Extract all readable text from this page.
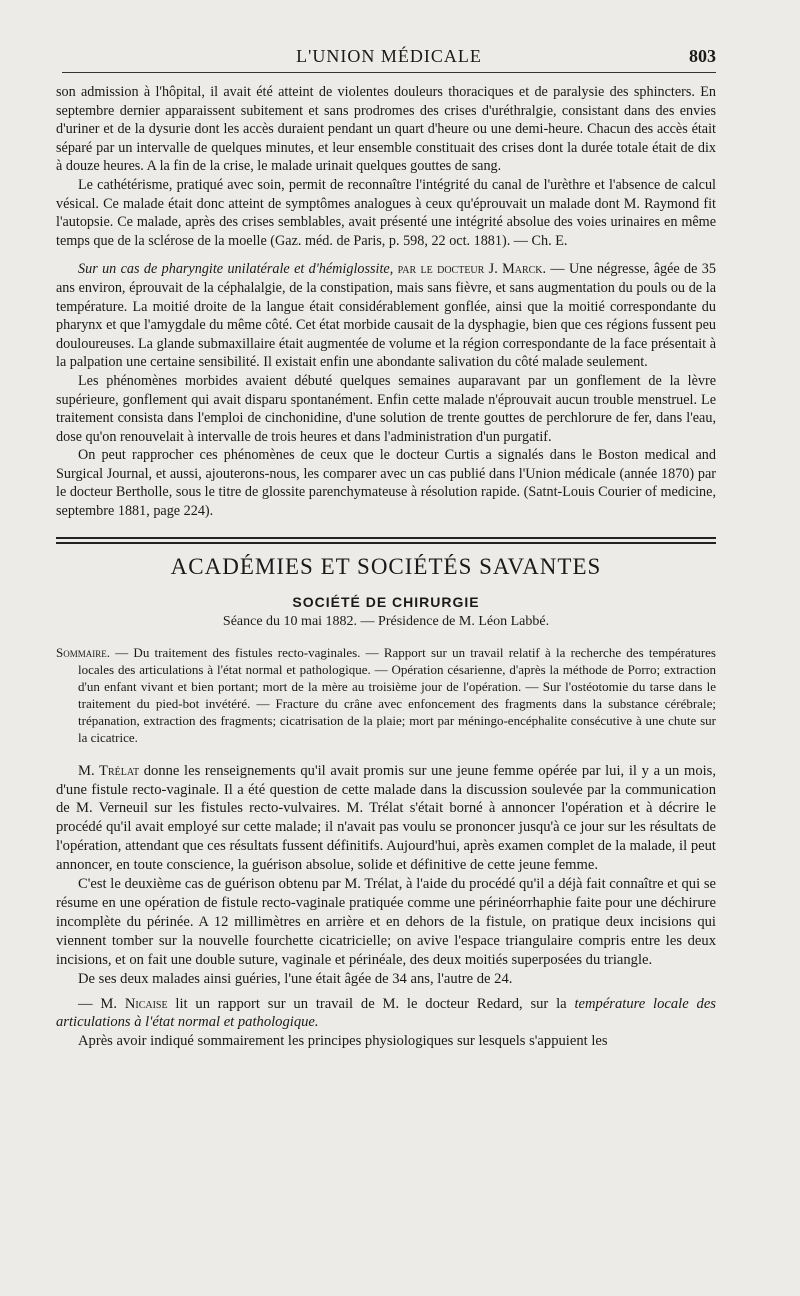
L'UNION MÉDICALE	803

son admission à l'hôpital, il avait été atteint de violentes douleurs thoraciques et de paralysie des sphincters. En septembre dernier apparaissent subitement et sans prodromes des crises d'uréthralgie, consistant dans des envies d'uriner et de la dysurie dont les accès duraient pendant un quart d'heure ou une demi-heure. Chacun des accès était séparé par un intervalle de quelques minutes, et leur ensemble constituait des crises dont la durée totale était de dix à douze heures. A la fin de la crise, le malade urinait quelques gouttes de sang.

Le cathétérisme, pratiqué avec soin, permit de reconnaître l'intégrité du canal de l'urèthre et l'absence de calcul vésical. Ce malade était donc atteint de symptômes analogues à ceux qu'éprouvait un malade dont M. Raymond fit l'autopsie. Ce malade, après des crises semblables, avait présenté une intégrité absolue des voies urinaires en même temps que de la sclérose de la moelle (Gaz. méd. de Paris, p. 598, 22 oct. 1881). — Ch. E.

Sur un cas de pharyngite unilatérale et d'hémiglossite, par le docteur J. Marck. — Une négresse, âgée de 35 ans environ, éprouvait de la céphalalgie, de la constipation, mais sans fièvre, et sans augmentation du pouls ou de la température. La moitié droite de la langue était considérablement gonflée, ainsi que la moitié correspondante du pharynx et que l'amygdale du même côté. Cet état morbide causait de la dysphagie, bien que ces régions fussent peu douloureuses. La glande submaxillaire était augmentée de volume et la région correspondante de la face présentait à la palpation une certaine sensibilité. Il existait enfin une abondante salivation du côté malade seulement.

Les phénomènes morbides avaient débuté quelques semaines auparavant par un gonflement de la lèvre supérieure, gonflement qui avait disparu spontanément. Enfin cette malade n'éprouvait aucun trouble menstruel. Le traitement consista dans l'emploi de cinchonidine, d'une solution de trente gouttes de perchlorure de fer, dans l'eau, dose qu'on renouvelait à intervalle de trois heures et dans l'administration d'un purgatif.

On peut rapprocher ces phénomènes de ceux que le docteur Curtis a signalés dans le Boston medical and Surgical Journal, et aussi, ajouterons-nous, les comparer avec un cas publié dans l'Union médicale (année 1870) par le docteur Berthollе, sous le titre de glossite parenchymateuse à résolution rapide. (Satnt-Louis Courier of medicine, septembre 1881, page 224).

ACADÉMIES ET SOCIÉTÉS SAVANTES
SOCIÉTÉ DE CHIRURGIE
Séance du 10 mai 1882. — Présidence de M. Léon Labbé.

Sommaire. — Du traitement des fistules recto-vaginales. — Rapport sur un travail relatif à la recherche des températures locales des articulations à l'état normal et pathologique. — Opération césarienne, d'après la méthode de Porro; extraction d'un enfant vivant et bien portant; mort de la mère au troisième jour de l'opération. — Sur l'ostéotomie du tarse dans le traitement du pied-bot invétéré. — Fracture du crâne avec enfoncement des fragments dans la substance cérébrale; trépanation, extraction des fragments; cicatrisation de la plaie; mort par méningo-encéphalite consécutive à une chute sur la cicatrice.

M. Trélat donne les renseignements qu'il avait promis sur une jeune femme opérée par lui, il y a un mois, d'une fistule recto-vaginale. Il a été question de cette malade dans la discussion soulevée par la communication de M. Verneuil sur les fistules recto-vulvaires. M. Trélat s'était borné à annoncer l'opération et à décrire le procédé qu'il avait employé sur cette malade; il n'avait pas voulu se prononcer jusqu'à ce jour sur les résultats de l'opération, attendant que ces résultats fussent définitifs. Aujourd'hui, après examen complet de la malade, il peut annoncer, en toute conscience, la guérison absolue, solide et définitive de cette jeune femme.

C'est le deuxième cas de guérison obtenu par M. Trélat, à l'aide du procédé qu'il a déjà fait connaître et qui se résume en une opération de fistule recto-vaginale pratiquée comme une périnéorrhaphie faite pour une déchirure incomplète du périnée. A 12 millimètres en arrière et en dehors de la fistule, on pratique deux incisions qui viennent tomber sur la nouvelle fourchette cicatricielle; on avive l'espace triangulaire compris entre les deux incisions, et on fait une double suture, vaginale et périnéale, des deux moitiés superposées du triangle.

De ses deux malades ainsi guéries, l'une était âgée de 34 ans, l'autre de 24.

— M. Nicaise lit un rapport sur un travail de M. le docteur Redard, sur la température locale des articulations à l'état normal et pathologique.

Après avoir indiqué sommairement les principes physiologiques sur lesquels s'appuient les
